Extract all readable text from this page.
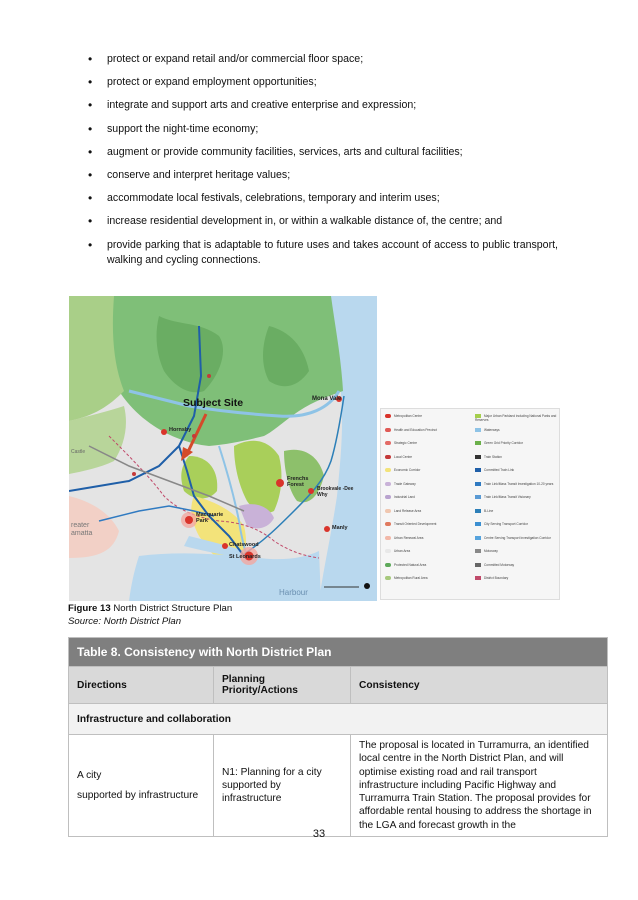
• protect or expand retail and/or commercial floor space;
• protect or expand employment opportunities;
• integrate and support arts and creative enterprise and expression;
• support the night-time economy;
• augment or provide community facilities, services, arts and cultural facilities;
• conserve and interpret heritage values;
• accommodate local festivals, celebrations, temporary and interim uses;
• increase residential development in, or within a walkable distance of, the centre; and
• provide parking that is adaptable to future uses and takes account of access to public transport, walking and cycling connections.
Subject Site	Mona Vale
Hornsby
Frenchs Forest
Brookvale -Dee Why
Macquarie Park
Chatswood
St Leonards
Manly
Harbour
Castle
reater amatta
Metropolitan Centre
Health and Education Precinct
Strategic Centre
Local Centre
Economic Corridor
Trade Gateway
Industrial Land
Land Release Area
Transit Oriented Development
Urban Renewal Area
Urban Area
Protected Natural Area
Metropolitan Rural Area
Major Urban Parkland including National Parks and Reserves
Waterways
Green Grid Priority Corridor
Train Station
Committed Train Link
Train Link/Mass Transit Investigation 10-20 years
Train Link/Mass Transit Visionary
B-Line
City Serving Transport Corridor
Centre Serving Transport Investigation Corridor
Motorway
Committed Motorway
District Boundary
Figure 13 North District Structure Plan
Source: North District Plan
Table 8. Consistency with North District Plan		
Directions	Planning Priority/Actions	Consistency
Infrastructure and collaboration		

A city
supported by infrastructure	N1: Planning for a city supported by infrastructure	The proposal is located in Turramurra, an identified local centre in the North District Plan, and will optimise existing road and rail transport infrastructure including Pacific Highway and Turramurra Train Station. The proposal provides for affordable rental housing to address the shortage in the LGA and forecast growth in the
33
